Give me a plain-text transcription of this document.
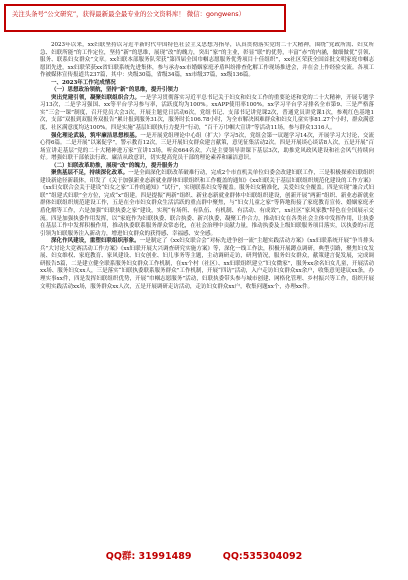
关注头条号“公文研究”，获得最新最全最专业的公文资料库！ 微信：gongwens）

2023年以来，xx妇联坚持以习近平新时代中国特色社会主义思想为指导，认真贯彻落实党的二十大精神，围绕“党政所需、妇女所急、妇联所能”的工作定位，坚持“新”的思维，展现“改”的魄力，突出“家”的主业，彰显“联”的优势，丰富“赤”的内涵，做细做优“引领、服务、联系妇女群众”文章。xx妇联本部服务队荣获“第四届全国巾帼志愿服务优秀项目十佳组织”，xx社区荣获全国首批文明家庭巾帼志愿团先进，xx妇联荣获xx省妇联系统先进集体，参与承办xx市婚姻家庭矛盾纠纷排查化解工作现场推进会，并在会上作经验交流。各项工作被媒体宣传报道共237篇，其中：央级30篇，省级34篇，xx市级37篇，xx级136篇。

一、2023年工作完成情况

（一）思想政治领航，坚持“新”的思维，提升引领力

突出党建引领，凝聚妇联组织合力。一是学习贯彻落实习近平总书记关于妇女和妇女工作的重要论述和党的二十大精神，开展专题学习13次，二是学习强国、xx等平台学习参与率，活跃度均为100%。xxAPP使用率100%。xx学习平台学习排名全市第9、三是严格落实“三会一课”制度，召开党员大会3次，开展主题党日活动6次，党组书记、支部书记讲党课2次，普通党员讲党课1次，参观红色基地1次，支部“双报到双服务双报告”累计报到服务31次，服务时长106.78小时，为全市解决困难群众和妇女儿童实事81.27个小时，群众满意度、社区满意度均达100%。四是实施“基层妇联执行力提升”行动，“百千万巾帼大宣讲”等活动11场，参与群众1316人。

强化理论武装，筑牢廉洁思想根基。一是开展党组理论中心组（扩大）学习5次，党组会第一议题学习14次，开展学习大讨论，交流心得6篇。二是开展“以案促学”，警示教育12次，三是开展妇女群众建言献策，意见征集活动2次。四是开展谈心谈话8人次，五是开展“百场宣讲走基层”党的二十大精神进万家”宣讲13场，听众664名众，六是主要领导讲课下基层3次，助推党风政风建设和社会风气持续向好。增强妇联干部依法行政、廉洁从政意识，切实提高党员干部的理论素养和廉洁意识。

（二）妇联改革助推，展现“改”的魄力，提升服务力

聚焦基层不足，持续深化改革。一是全面深化妇联改革破难行动，完成2个市直机关单位妇委会改建妇联工作，三是积极探索妇联组织建设新途径新载体，印发了《关于加强新业态新就业群体妇联组织和工作覆盖的通知》《xx妇联关于基层妇联组织规范化建设的工作方案》《xx妇女联合会关于建设“妇女之家”工作的通知》“试行”，实现联系妇女等覆盖。服务妇女精准化，关爱妇女全覆盖。四是实现“兼合式妇联”“组建式妇联”全方位，完成“x”组建。四是提振“两新”组织、新业态新就业群体中妇联组织建设，创新开展“两新”组织、新业态新就业群体妇联组织规范建设工作，五是在全市妇女群众生活活跃的重点群中聚焦，与“妇女儿童之家”等阵地衔接了家庭教育宣传、婚姻家庭矛盾化解等工作，六是加强“妇联执委之家”建设，实现“有场所、有队伍、有机制、有活动、有成效”，xx社区“家风家教”特色在全国展示交流。四是加强执委作用发挥，以“家庭作为妇联执委、联合执委、新兴执委，凝聚工作合力，推动妇女在各类社会主体中发挥作用，让执委在基层工作中发挥积极作用，推动执委联系服务群众常态化，在社会治理中贡献力量，推动执委及上级妇联服务项目落实，以执委的示范引领为妇联服务注入新动力，增进妇女群众的获得感、幸福感、安全感。

深化作风建设，重塑妇联组织形象。一是制定了《xx妇女联合会“对标先进争创一流”主题实践活动方案》《xx妇联系统开展“争当排头兵”大讨论大竞赛活动工作方案》《xx妇联开展大兴调查研究实施方案》等，深化一线工作法，积极开展蹲点调研，典型引路，聚焦妇女发展、妇女维权、家庭教育、家风建设、妇女创业、妇儿事务等主题，主动调研走访，研判情况，服务妇女群众，献策建言促发展，完成调研报告5篇，二是建立健全联系服务妇女群众工作机制，在xx个村（社区）、xx妇联组织建立“妇女微家”，服务xx余名妇女儿童，开展活动xx场、服务妇女xx人，三是落实“妇联执委联系服务群众”工作机制，开展“四访”活动，入户走访妇女群众xx余户，收集意见建议xx条，办理实事xx件，四是发挥妇联组织优势，开展“巾帼志愿服务”活动，妇联执委带头参与城市创建、网格化管理、乡村振兴等工作，组织开展文明实践活动xx场，服务群众xx人次，五是开展调研走访活动，走访妇女群众xx户，收集问题xx个，办理xx件。

QQ群: 31991489	QQ:535304092
